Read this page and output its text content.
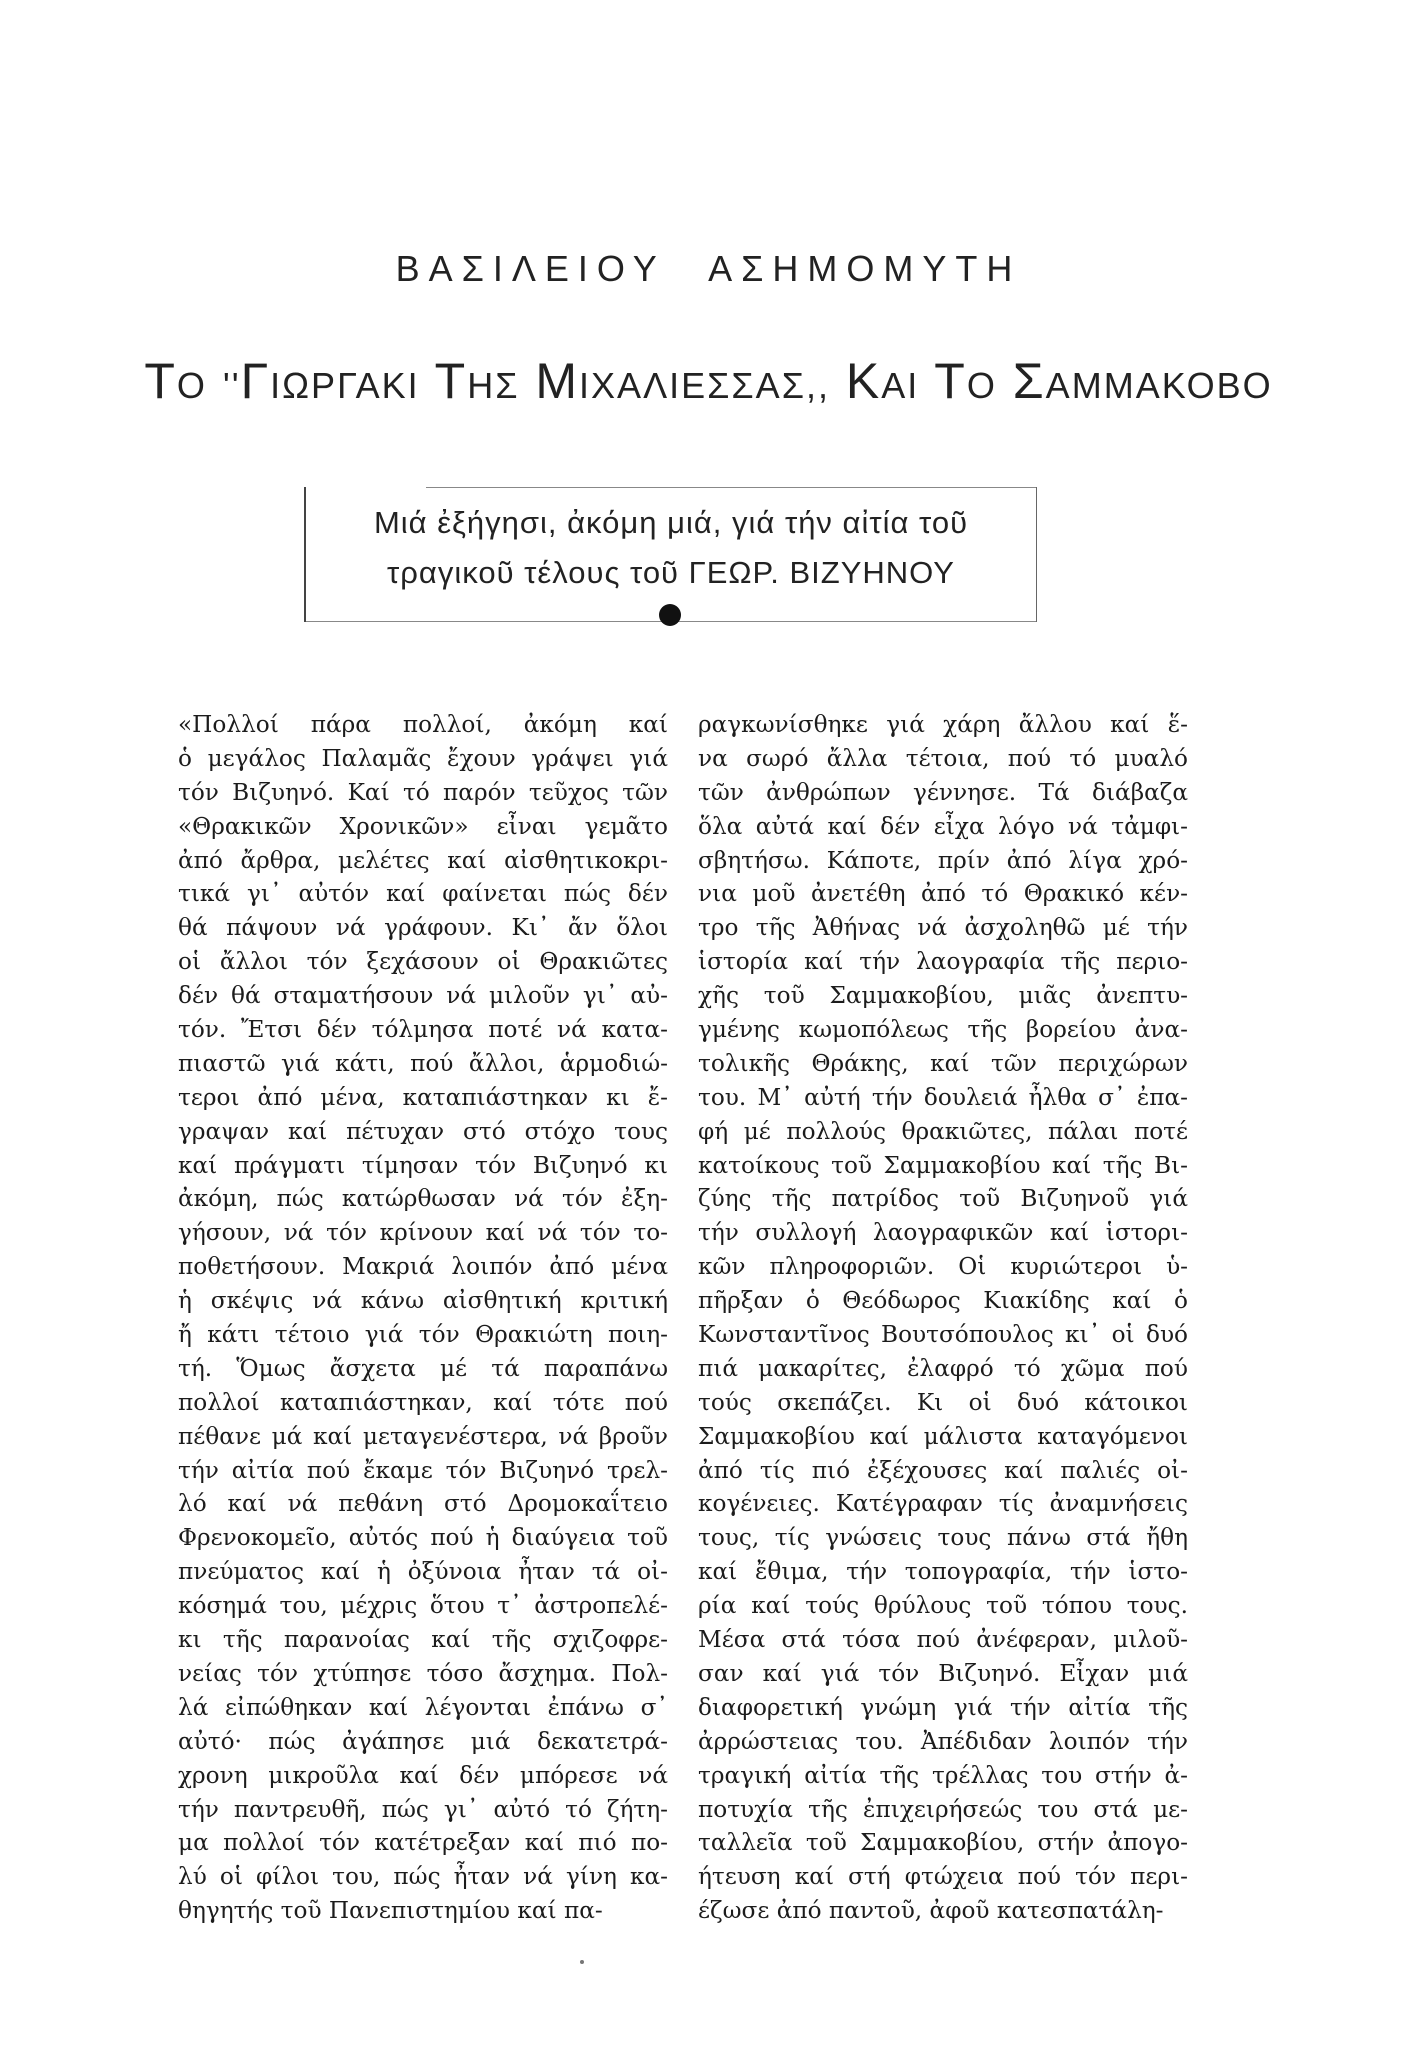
ΒΑΣΙΛΕΙΟΥ ΑΣΗΜΟΜΥΤΗ
ΤΟ ''ΓΙΩΡΓΑΚΙ ΤΗΣ ΜΙΧΑΛΙΕΣΣΑΣ,, ΚΑΙ ΤΟ ΣΑΜΜΑΚΟΒΟ
Μιά ἐξήγησι, ἀκόμη μιά, γιά τήν αἰτία τοῦ
τραγικοῦ τέλους τοῦ ΓΕΩΡ. ΒΙΖΥΗΝΟΥ
«Πολλοί πάρα πολλοί, ἀκόμη καί
ὁ μεγάλος Παλαμᾶς ἔχουν γράψει γιά
τόν Βιζυηνό. Καί τό παρόν τεῦχος τῶν
«Θρακικῶν Χρονικῶν» εἶναι γεμᾶτο
ἀπό ἄρθρα, μελέτες καί αἰσθητικοκρι-
τικά γι᾿ αὐτόν καί φαίνεται πώς δέν
θά πάψουν νά γράφουν. Κι᾿ ἄν ὅλοι
οἱ ἄλλοι τόν ξεχάσουν οἱ Θρακιῶτες
δέν θά σταματήσουν νά μιλοῦν γι᾿ αὐ-
τόν. Ἔτσι δέν τόλμησα ποτέ νά κατα-
πιαστῶ γιά κάτι, πού ἄλλοι, ἁρμοδιώ-
τεροι ἀπό μένα, καταπιάστηκαν κι ἔ-
γραψαν καί πέτυχαν στό στόχο τους
καί πράγματι τίμησαν τόν Βιζυηνό κι
ἀκόμη, πώς κατώρθωσαν νά τόν ἐξη-
γήσουν, νά τόν κρίνουν καί νά τόν το-
ποθετήσουν. Μακριά λοιπόν ἀπό μένα
ἡ σκέψις νά κάνω αἰσθητική κριτική
ἤ κάτι τέτοιο γιά τόν Θρακιώτη ποιη-
τή. Ὅμως ἄσχετα μέ τά παραπάνω
πολλοί καταπιάστηκαν, καί τότε πού
πέθανε μά καί μεταγενέστερα, νά βροῦν
τήν αἰτία πού ἔκαμε τόν Βιζυηνό τρελ-
λό καί νά πεθάνη στό Δρομοκαΐτειο
Φρενοκομεῖο, αὐτός πού ἡ διαύγεια τοῦ
πνεύματος καί ἡ ὀξύνοια ἦταν τά οἰ-
κόσημά του, μέχρις ὅτου τ᾿ ἀστροπελέ-
κι τῆς παρανοίας καί τῆς σχιζοφρε-
νείας τόν χτύπησε τόσο ἄσχημα. Πολ-
λά εἰπώθηκαν καί λέγονται ἐπάνω σ᾿
αὐτό· πώς ἀγάπησε μιά δεκατετρά-
χρονη μικροῦλα καί δέν μπόρεσε νά
τήν παντρευθῆ, πώς γι᾿ αὐτό τό ζήτη-
μα πολλοί τόν κατέτρεξαν καί πιό πο-
λύ οἱ φίλοι του, πώς ἦταν νά γίνη κα-
θηγητής τοῦ Πανεπιστημίου καί πα-
ραγκωνίσθηκε γιά χάρη ἄλλου καί ἕ-
να σωρό ἄλλα τέτοια, πού τό μυαλό
τῶν ἀνθρώπων γέννησε. Τά διάβαζα
ὅλα αὐτά καί δέν εἶχα λόγο νά τἀμφι-
σβητήσω. Κάποτε, πρίν ἀπό λίγα χρό-
νια μοῦ ἀνετέθη ἀπό τό Θρακικό κέν-
τρο τῆς Ἀθήνας νά ἀσχοληθῶ μέ τήν
ἱστορία καί τήν λαογραφία τῆς περιο-
χῆς τοῦ Σαμμακοβίου, μιᾶς ἀνεπτυ-
γμένης κωμοπόλεως τῆς βορείου ἀνα-
τολικῆς Θράκης, καί τῶν περιχώρων
του. Μ᾿ αὐτή τήν δουλειά ἦλθα σ᾿ ἐπα-
φή μέ πολλούς θρακιῶτες, πάλαι ποτέ
κατοίκους τοῦ Σαμμακοβίου καί τῆς Βι-
ζύης τῆς πατρίδος τοῦ Βιζυηνοῦ γιά
τήν συλλογή λαογραφικῶν καί ἱστορι-
κῶν πληροφοριῶν. Οἱ κυριώτεροι ὑ-
πῆρξαν ὁ Θεόδωρος Κιακίδης καί ὁ
Κωνσταντῖνος Βουτσόπουλος κι᾿ οἱ δυό
πιά μακαρίτες, ἐλαφρό τό χῶμα πού
τούς σκεπάζει. Κι οἱ δυό κάτοικοι
Σαμμακοβίου καί μάλιστα καταγόμενοι
ἀπό τίς πιό ἐξέχουσες καί παλιές οἰ-
κογένειες. Κατέγραφαν τίς ἀναμνήσεις
τους, τίς γνώσεις τους πάνω στά ἤθη
καί ἔθιμα, τήν τοπογραφία, τήν ἱστο-
ρία καί τούς θρύλους τοῦ τόπου τους.
Μέσα στά τόσα πού ἀνέφεραν, μιλοῦ-
σαν καί γιά τόν Βιζυηνό. Εἶχαν μιά
διαφορετική γνώμη γιά τήν αἰτία τῆς
ἀρρώστειας του. Ἀπέδιδαν λοιπόν τήν
τραγική αἰτία τῆς τρέλλας του στήν ἀ-
ποτυχία τῆς ἐπιχειρήσεώς του στά με-
ταλλεῖα τοῦ Σαμμακοβίου, στήν ἀπογο-
ήτευση καί στή φτώχεια πού τόν περι-
έζωσε ἀπό παντοῦ, ἀφοῦ κατεσπατάλη-
